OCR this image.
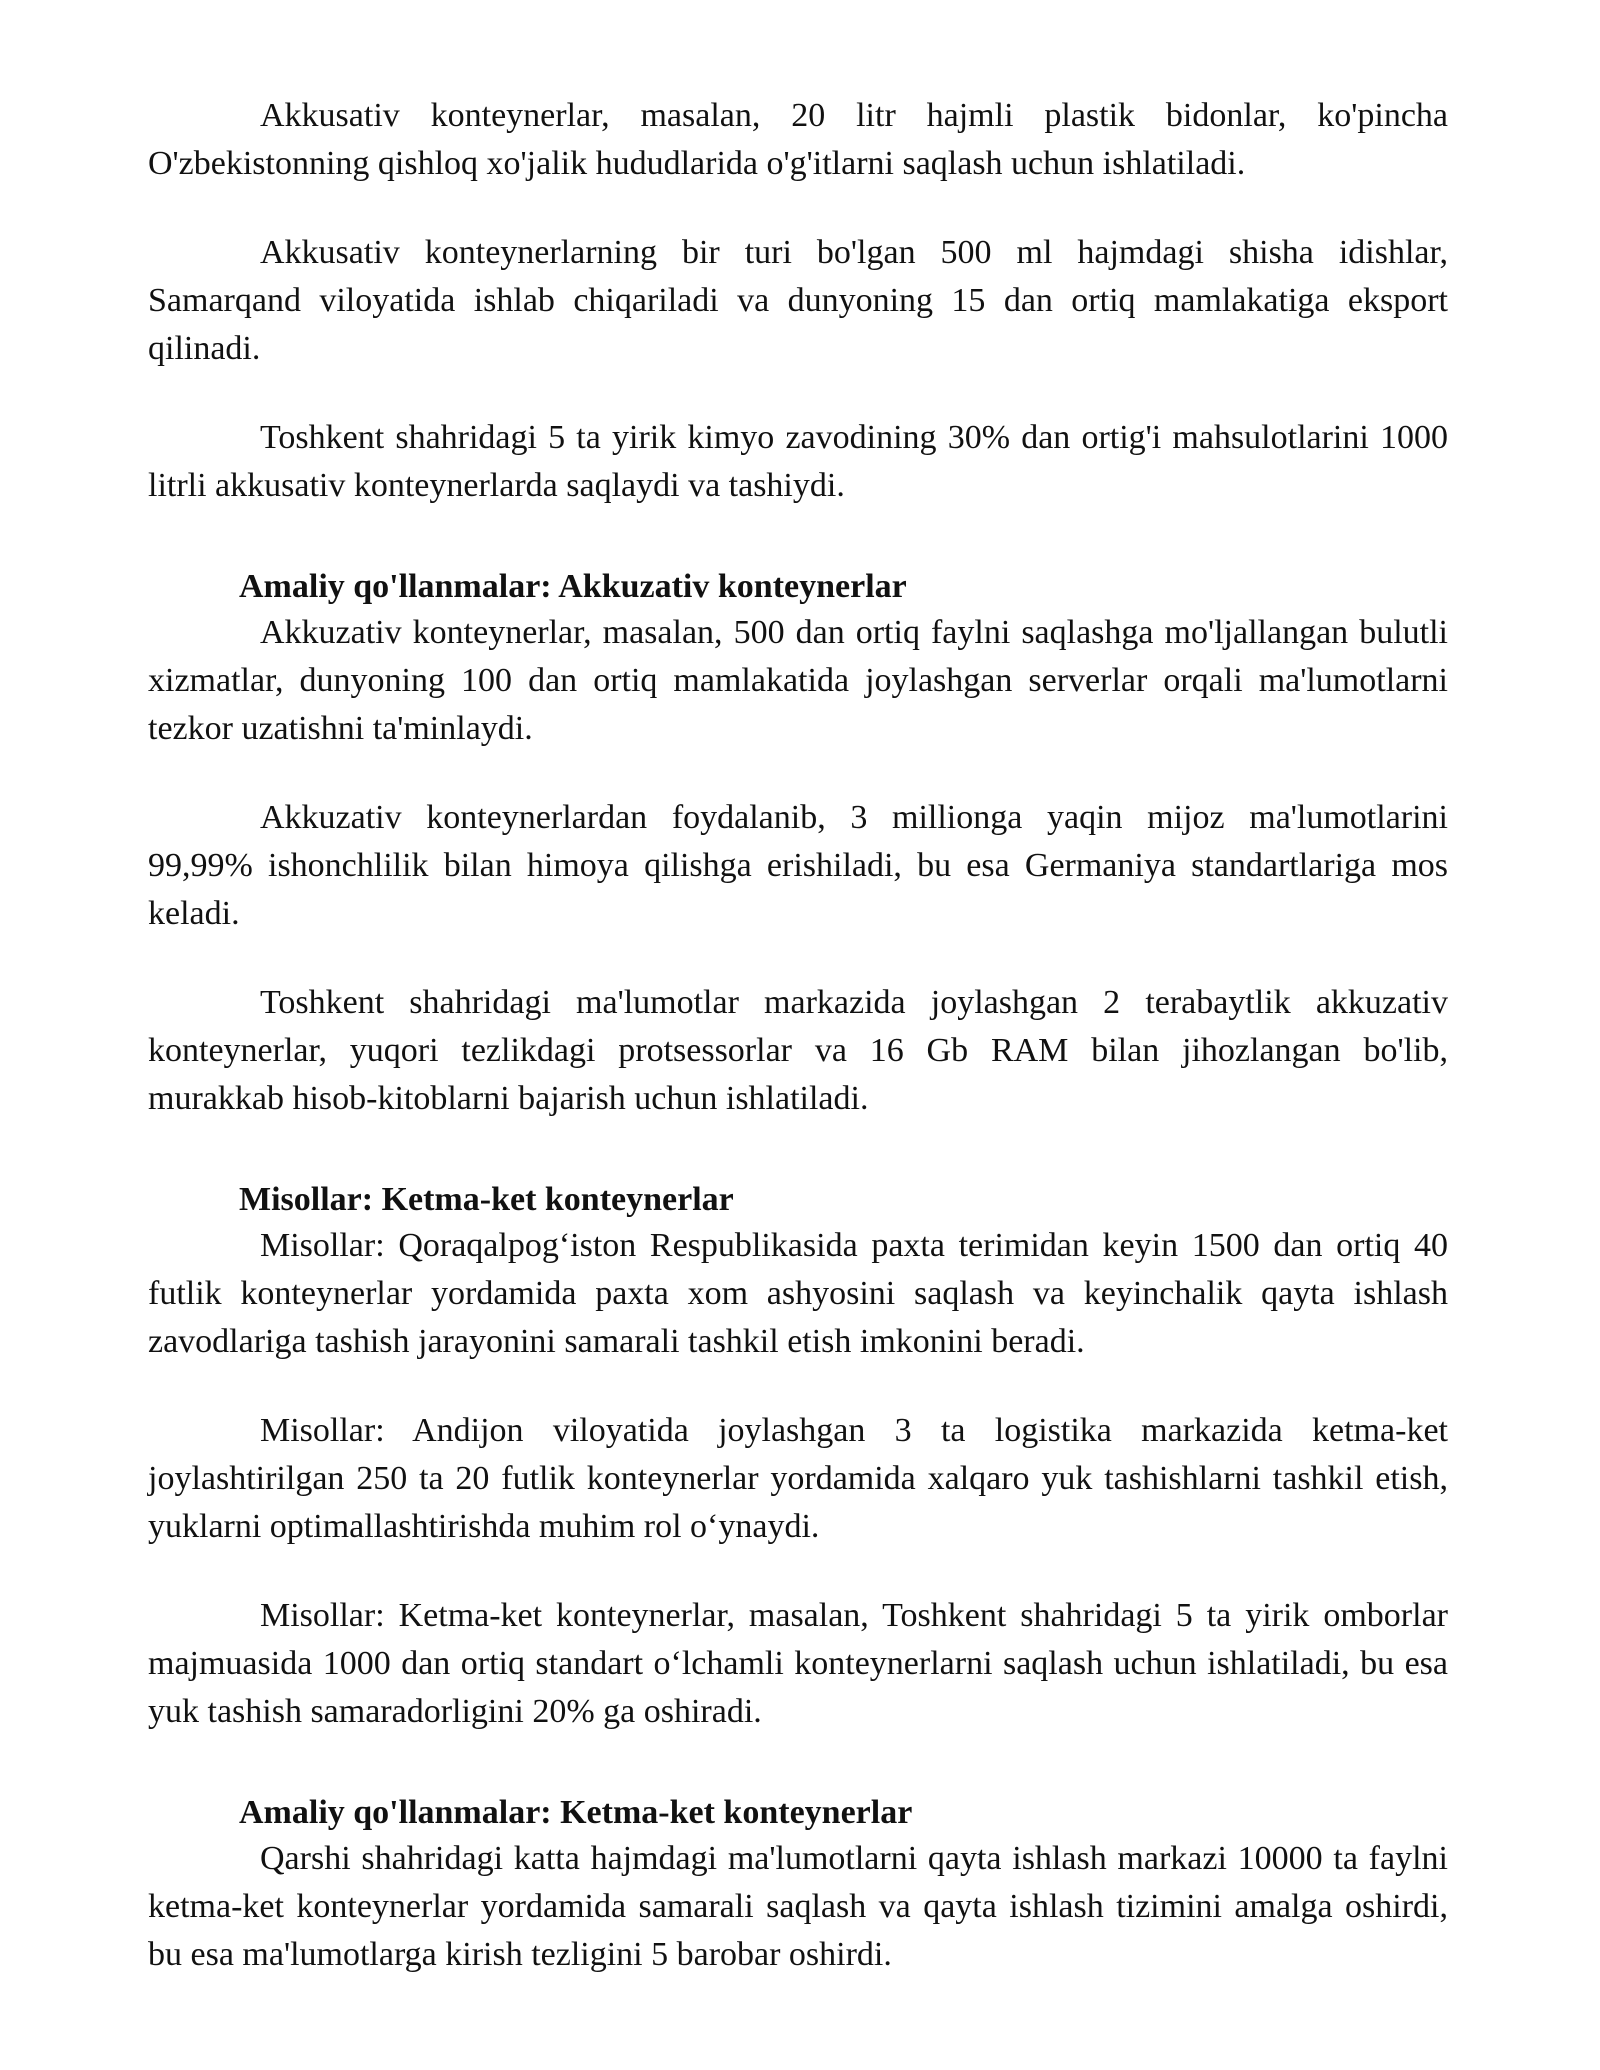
Akkusativ konteynerlar, masalan, 20 litr hajmli plastik bidonlar, ko'pincha O'zbekistonning qishloq xo'jalik hududlarida o'g'itlarni saqlash uchun ishlatiladi.

Akkusativ konteynerlarning bir turi bo'lgan 500 ml hajmdagi shisha idishlar, Samarqand viloyatida ishlab chiqariladi va dunyoning 15 dan ortiq mamlakatiga eksport qilinadi.

Toshkent shahridagi 5 ta yirik kimyo zavodining 30% dan ortig'i mahsulotlarini 1000 litrli akkusativ konteynerlarda saqlaydi va tashiydi.

Amaliy qo'llanmalar: Akkuzativ konteynerlar

Akkuzativ konteynerlar, masalan, 500 dan ortiq faylni saqlashga mo'ljallangan bulutli xizmatlar, dunyoning 100 dan ortiq mamlakatida joylashgan serverlar orqali ma'lumotlarni tezkor uzatishni ta'minlaydi.

Akkuzativ konteynerlardan foydalanib, 3 millionga yaqin mijoz ma'lumotlarini 99,99% ishonchlilik bilan himoya qilishga erishiladi, bu esa Germaniya standartlariga mos keladi.

Toshkent shahridagi ma'lumotlar markazida joylashgan 2 terabaytlik akkuzativ konteynerlar, yuqori tezlikdagi protsessorlar va 16 Gb RAM bilan jihozlangan bo'lib, murakkab hisob-kitoblarni bajarish uchun ishlatiladi.

Misollar: Ketma-ket konteynerlar

Misollar: Qoraqalpog‘iston Respublikasida paxta terimidan keyin 1500 dan ortiq 40 futlik konteynerlar yordamida paxta xom ashyosini saqlash va keyinchalik qayta ishlash zavodlariga tashish jarayonini samarali tashkil etish imkonini beradi.

Misollar: Andijon viloyatida joylashgan 3 ta logistika markazida ketma-ket joylashtirilgan 250 ta 20 futlik konteynerlar yordamida xalqaro yuk tashishlarni tashkil etish, yuklarni optimallashtirishda muhim rol o‘ynaydi.

Misollar: Ketma-ket konteynerlar, masalan, Toshkent shahridagi 5 ta yirik omborlar majmuasida 1000 dan ortiq standart o‘lchamli konteynerlarni saqlash uchun ishlatiladi, bu esa yuk tashish samaradorligini 20% ga oshiradi.

Amaliy qo'llanmalar: Ketma-ket konteynerlar

Qarshi shahridagi katta hajmdagi ma'lumotlarni qayta ishlash markazi 10000 ta faylni ketma-ket konteynerlar yordamida samarali saqlash va qayta ishlash tizimini amalga oshirdi, bu esa ma'lumotlarga kirish tezligini 5 barobar oshirdi.
